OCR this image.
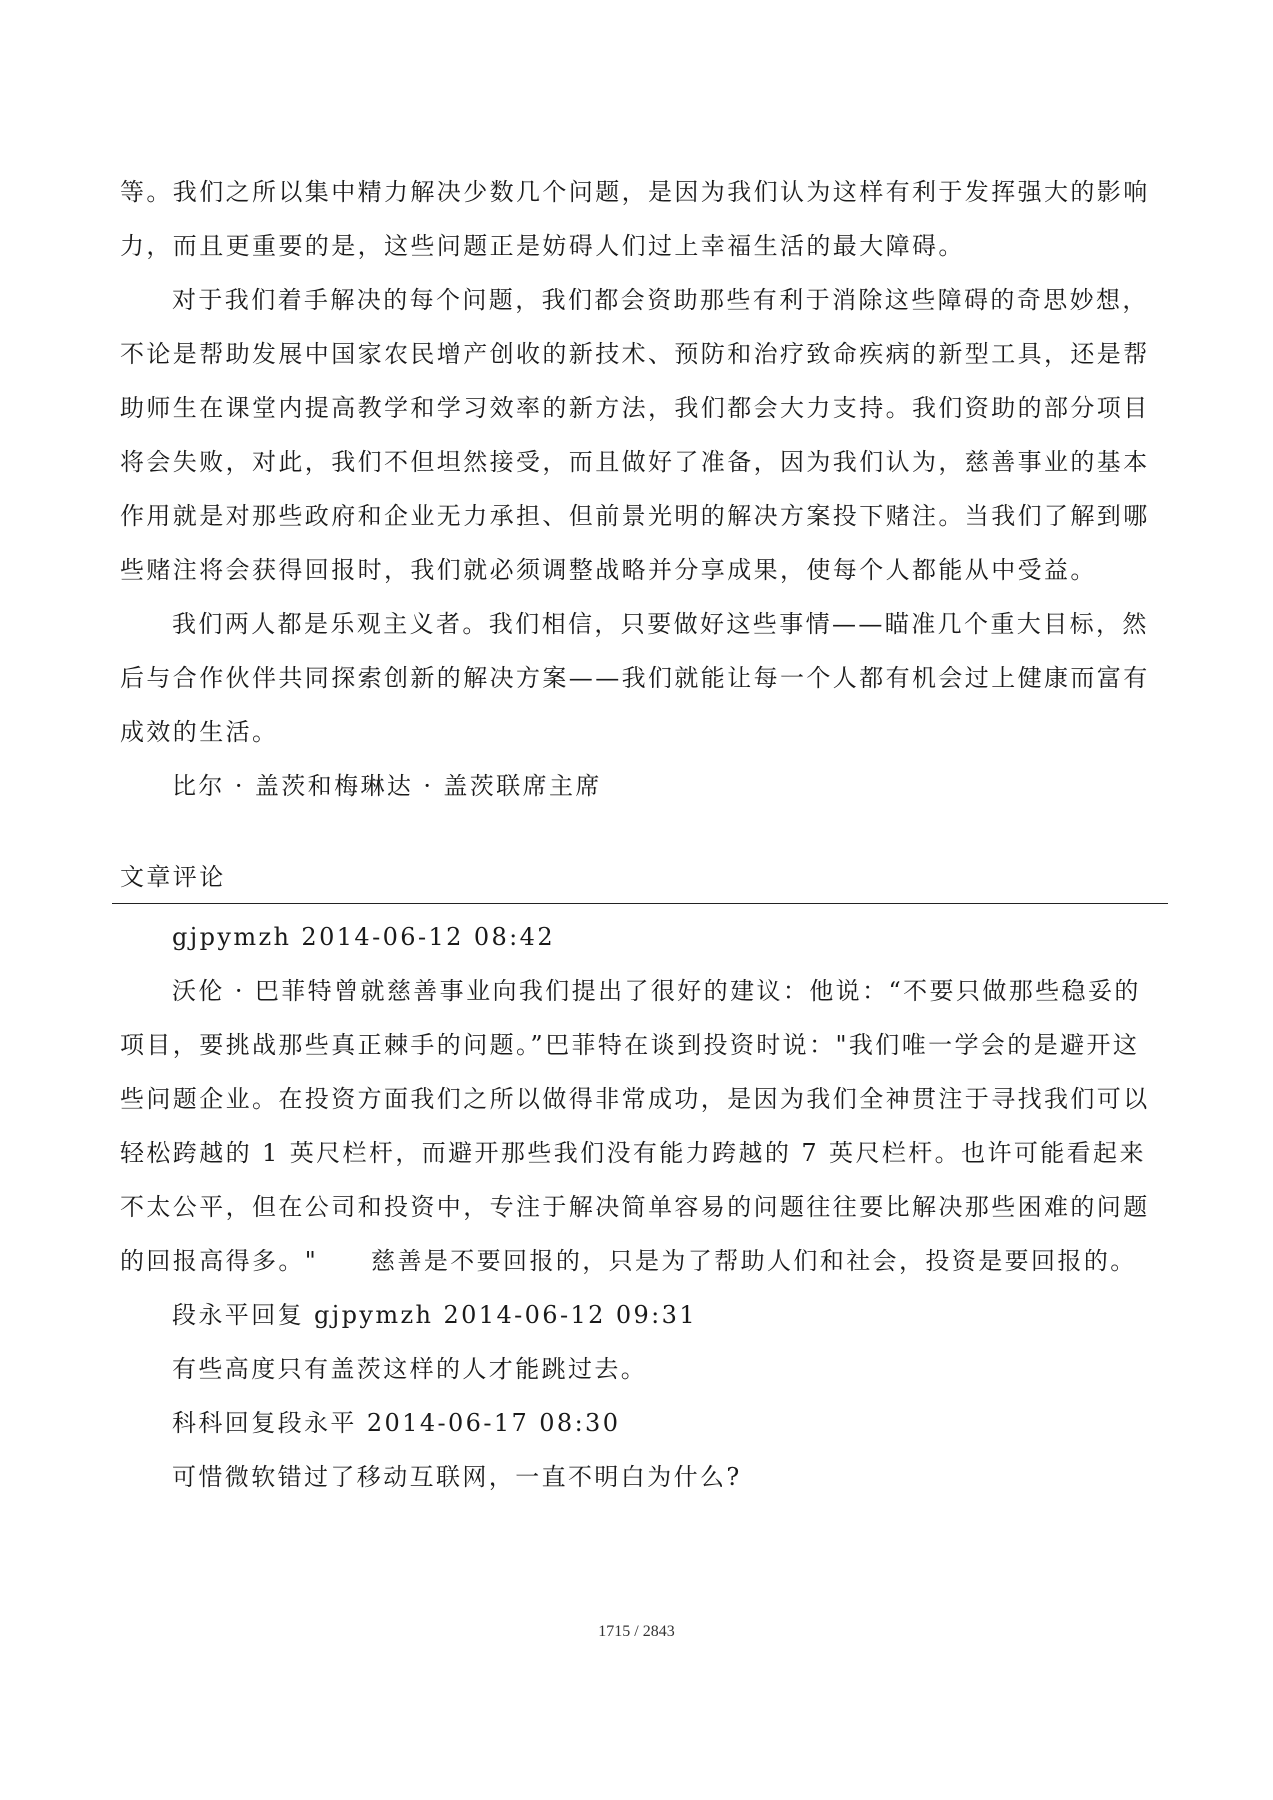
等。我们之所以集中精力解决少数几个问题，是因为我们认为这样有利于发挥强大的影响力，而且更重要的是，这些问题正是妨碍人们过上幸福生活的最大障碍。

对于我们着手解决的每个问题，我们都会资助那些有利于消除这些障碍的奇思妙想，不论是帮助发展中国家农民增产创收的新技术、预防和治疗致命疾病的新型工具，还是帮助师生在课堂内提高教学和学习效率的新方法，我们都会大力支持。我们资助的部分项目将会失败，对此，我们不但坦然接受，而且做好了准备，因为我们认为，慈善事业的基本作用就是对那些政府和企业无力承担、但前景光明的解决方案投下赌注。当我们了解到哪些赌注将会获得回报时，我们就必须调整战略并分享成果，使每个人都能从中受益。

我们两人都是乐观主义者。我们相信，只要做好这些事情——瞄准几个重大目标，然后与合作伙伴共同探索创新的解决方案——我们就能让每一个人都有机会过上健康而富有成效的生活。

比尔 · 盖茨和梅琳达 · 盖茨联席主席

文章评论

gjpymzh 2014-06-12 08:42

沃伦 · 巴菲特曾就慈善事业向我们提出了很好的建议：他说：“不要只做那些稳妥的项目，要挑战那些真正棘手的问题。”巴菲特在谈到投资时说："我们唯一学会的是避开这些问题企业。在投资方面我们之所以做得非常成功，是因为我们全神贯注于寻找我们可以轻松跨越的 1 英尺栏杆，而避开那些我们没有能力跨越的 7 英尺栏杆。也许可能看起来不太公平，但在公司和投资中，专注于解决简单容易的问题往往要比解决那些困难的问题的回报高得多。"　　慈善是不要回报的，只是为了帮助人们和社会，投资是要回报的。

段永平回复 gjpymzh 2014-06-12 09:31

有些高度只有盖茨这样的人才能跳过去。

科科回复段永平 2014-06-17 08:30

可惜微软错过了移动互联网，一直不明白为什么?

1715 / 2843
